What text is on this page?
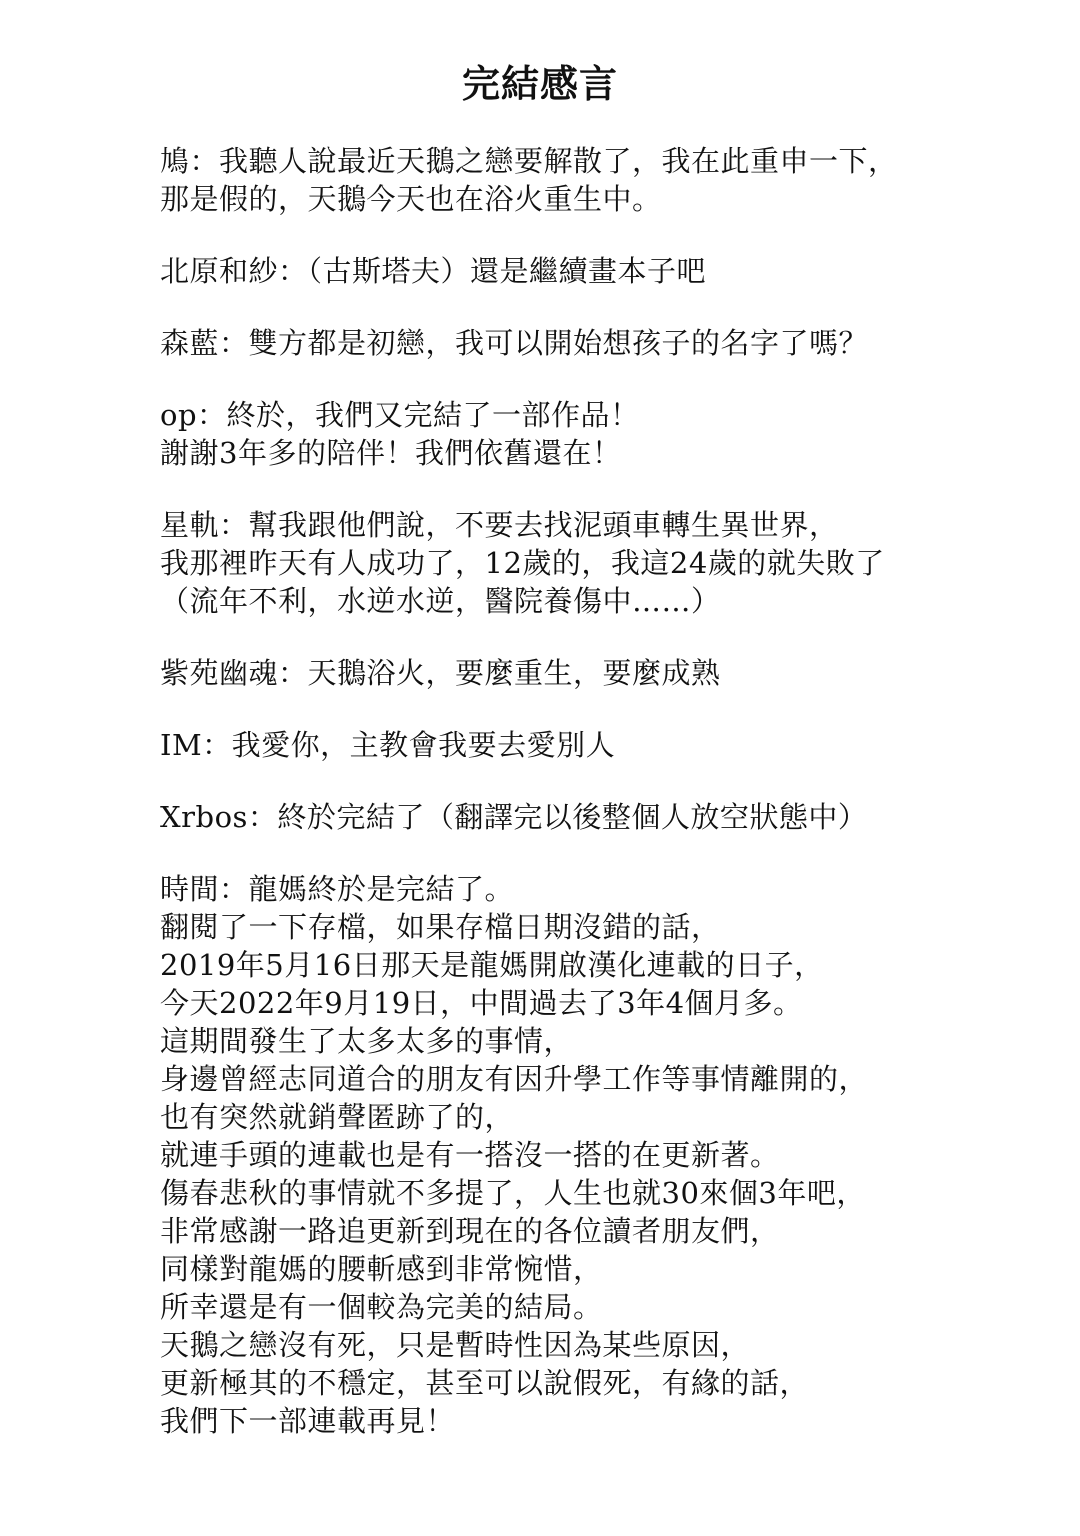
完結感言
鳩：我聽人說最近天鵝之戀要解散了，我在此重申一下，
那是假的，天鵝今天也在浴火重生中。
北原和紗：（古斯塔夫）還是繼續畫本子吧
森藍：雙方都是初戀，我可以開始想孩子的名字了嗎？
op：終於，我們又完結了一部作品！
謝謝3年多的陪伴！我們依舊還在！
星軌：幫我跟他們說，不要去找泥頭車轉生異世界，
我那裡昨天有人成功了，12歲的，我這24歲的就失敗了
（流年不利，水逆水逆，醫院養傷中……）
紫苑幽魂：天鵝浴火，要麼重生，要麼成熟
IM：我愛你，主教會我要去愛別人
Xrbos：終於完結了（翻譯完以後整個人放空狀態中）
時間：龍媽終於是完結了。
翻閱了一下存檔，如果存檔日期沒錯的話，
2019年5月16日那天是龍媽開啟漢化連載的日子，
今天2022年9月19日，中間過去了3年4個月多。
這期間發生了太多太多的事情，
身邊曾經志同道合的朋友有因升學工作等事情離開的，
也有突然就銷聲匿跡了的，
就連手頭的連載也是有一搭沒一搭的在更新著。
傷春悲秋的事情就不多提了，人生也就30來個3年吧，
非常感謝一路追更新到現在的各位讀者朋友們，
同樣對龍媽的腰斬感到非常惋惜，
所幸還是有一個較為完美的結局。
天鵝之戀沒有死，只是暫時性因為某些原因，
更新極其的不穩定，甚至可以說假死，有緣的話，
我們下一部連載再見！
